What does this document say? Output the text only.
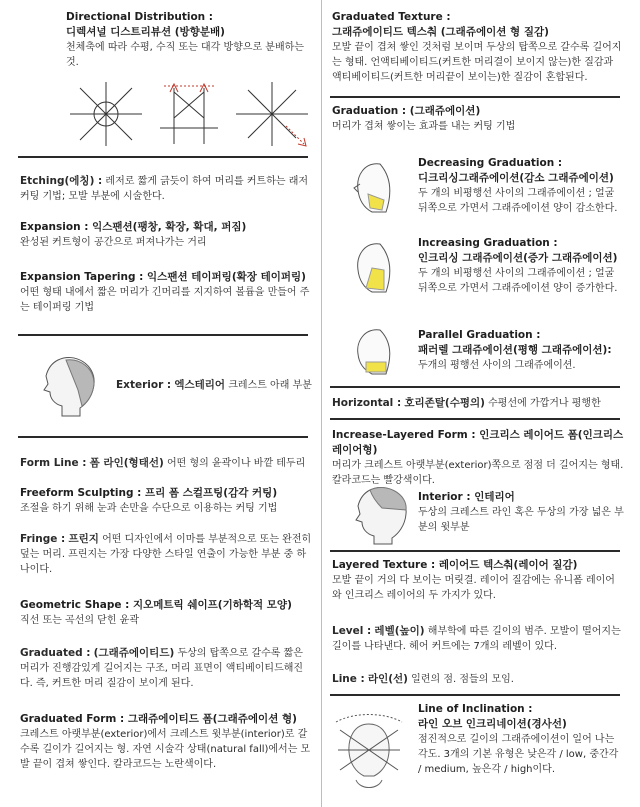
Directional Distribution :
디렉셔널 디스트리뷰션 (방향분배)
천체축에 따라 수평, 수직 또는 대각 방향으로 분배하는 것.
Etching(에칭) : 레저로 짧게 긁듯이 하여 머리를 커트하는 래저 커팅 기법; 모발 부분에 시술한다.
Expansion : 익스팬션(팽창, 확장, 확대, 퍼짐)
완성된 커트형이 공간으로 퍼져나가는 거리
Expansion Tapering : 익스팬션 테이퍼링(확장 테이퍼링)
어떤 형태 내에서 짧은 머리가 긴머리를 지지하여 볼륨을 만들어 주는 테이퍼링 기법
Exterior : 엑스테리어 크레스트 아래 부분
Form Line : 폼 라인(형태선) 어떤 형의 윤곽이나 바깥 테두리
Freeform Sculpting : 프리 폼 스컬프팅(감각 커팅)
조절을 하기 위해 눈과 손만을 수단으로 이용하는 커팅 기법
Fringe : 프린지 어떤 디자인에서 이마를 부분적으로 또는 완전히 덮는 머리. 프린지는 가장 다양한 스타일 연출이 가능한 부분 중 하나이다.
Geometric Shape : 지오메트릭 쉐이프(기하학적 모양)
직선 또는 곡선의 닫힌 윤곽
Graduated : (그래쥬에이티드) 두상의 탑쪽으로 갈수록 짧은 머리가 진행감있게 길어지는 구조, 머리 표면이 액티베이티드해진다. 즉, 커트한 머리 질감이 보이게 된다.
Graduated Form : 그래쥬에이티드 폼(그래쥬에이션 형)
크레스트 아랫부분(exterior)에서 크레스트 윗부분(interior)로 갈수록 길이가 길어지는 형. 자연 시술각 상태(natural fall)에서는 모발 끝이 겹쳐 쌓인다. 칼라코드는 노란색이다.
Graduated Texture :
그래쥬에이티드 텍스춰 (그래쥬에이션 형 질감)
모발 끝이 겹쳐 쌓인 것처럼 보이며 두상의 탑쪽으로 갈수록 길어지는 형태. 언액티베이티드(커트한 머리결이 보이지 않는)한 질감과 액티베이티드(커트한 머리끝이 보이는)한 질감이 혼합된다.
Graduation : (그래쥬에이션)
머리가 겹쳐 쌓이는 효과를 내는 커팅 기법
Decreasing Graduation :
디크리싱그래쥬에이션(감소 그래쥬에이션)
두 개의 비평행선 사이의 그래쥬에이션 ; 얼굴 뒤쪽으로 가면서 그래쥬에이션 양이 감소한다.
Increasing Graduation :
인크리싱 그래쥬에이션(증가 그래쥬에이션)
두 개의 비평행선 사이의 그래쥬에이션 ; 얼굴 뒤쪽으로 가면서 그래쥬에이션 양이 증가한다.
Parallel Graduation :
패러렐 그래쥬에이션(평행 그래쥬에이션):
두개의 평행선 사이의 그래쥬에이션.
Horizontal : 호리존탈(수평의) 수평선에 가깝거나 평행한
Increase-Layered Form : 인크리스 레이어드 폼(인크리스 레이어형)
머리가 크레스트 아랫부분(exterior)쪽으로 점점 더 길어지는 형태. 칼라코드는 빨강색이다.
Interior : 인테리어
두상의 크레스트 라인 혹은 두상의 가장 넓은 부분의 윗부분
Layered Texture : 레이어드 텍스춰(레이어 질감)
모발 끝이 거의 다 보이는 머릿결. 레이어 질감에는 유니폼 레이어와 인크리스 레이어의 두 가지가 있다.
Level : 레벨(높이) 해부학에 따른 길이의 범주. 모발이 떨어지는 길이를 나타낸다. 헤어 커트에는 7개의 레벨이 있다.
Line : 라인(선) 일련의 점. 점들의 모임.
Line of Inclination :
라인 오브 인크리네이션(경사선)
점진적으로 길이의 그래쥬에이션이 일어 나는 각도. 3개의 기본 유형은 낮은각 / low, 중간각 / medium, 높은각 / high이다.
